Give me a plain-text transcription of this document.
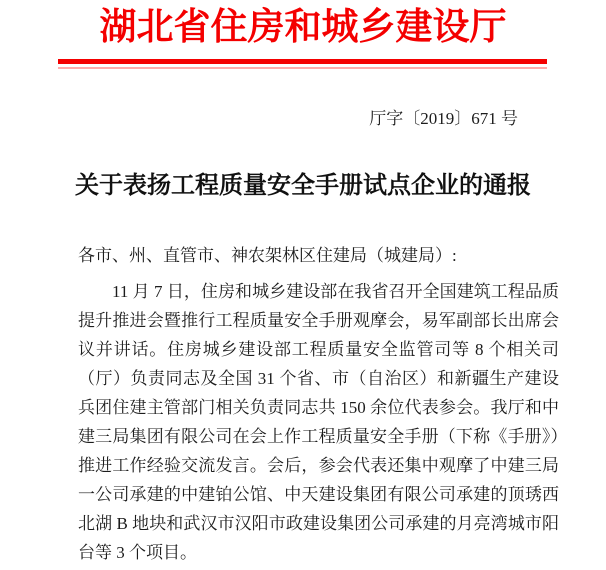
湖北省住房和城乡建设厅
厅字〔2019〕671 号
关于表扬工程质量安全手册试点企业的通报
各市、州、直管市、神农架林区住建局（城建局）:
11 月 7 日，住房和城乡建设部在我省召开全国建筑工程品质提升推进会暨推行工程质量安全手册观摩会，易军副部长出席会议并讲话。住房城乡建设部工程质量安全监管司等 8 个相关司（厅）负责同志及全国 31 个省、市（自治区）和新疆生产建设兵团住建主管部门相关负责同志共 150 余位代表参会。我厅和中建三局集团有限公司在会上作工程质量安全手册（下称《手册》）推进工作经验交流发言。会后，参会代表还集中观摩了中建三局一公司承建的中建铂公馆、中天建设集团有限公司承建的顶琇西北湖 B 地块和武汉市汉阳市政建设集团公司承建的月亮湾城市阳台等 3 个项目。
